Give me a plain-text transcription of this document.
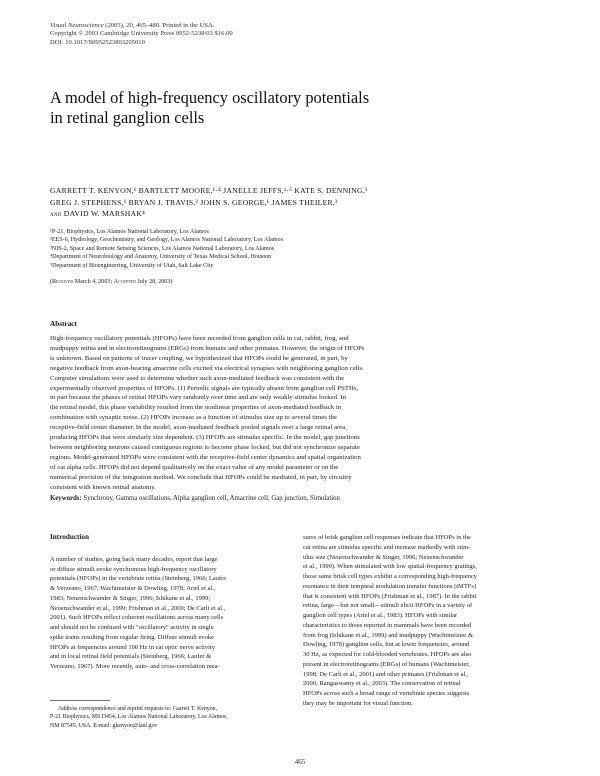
Visual Neuroscience (2003), 20, 465–480. Printed in the USA.
Copyright © 2003 Cambridge University Press 0952-5238/03 $16.00
DOI: 10.1017/S0952523803205010
A model of high-frequency oscillatory potentials
in retinal ganglion cells
GARRETT T. KENYON,¹ BARTLETT MOORE,¹·⁴ JANELLE JEFFS,¹·⁵ KATE S. DENNING,¹
GREG J. STEPHENS,¹ BRYAN J. TRAVIS,² JOHN S. GEORGE,¹ JAMES THEILER,³
and DAVID W. MARSHAK⁴
¹P-21, Biophysics, Los Alamos National Laboratory, Los Alamos
²EES-6, Hydrology, Geochemistry, and Geology, Los Alamos National Laboratory, Los Alamos
³NIS-2, Space and Remote Sensing Sciences, Los Alamos National Laboratory, Los Alamos
⁴Department of Neurobiology and Anatomy, University of Texas Medical School, Houston
⁵Department of Bioengineering, University of Utah, Salt Lake City
(Received March 4, 2003; Accepted July 28, 2003)
Abstract
High-frequency oscillatory potentials (HFOPs) have been recorded from ganglion cells in cat, rabbit, frog, and
mudpuppy retina and in electroretinograms (ERGs) from humans and other primates. However, the origin of HFOPs
is unknown. Based on patterns of tracer coupling, we hypothesized that HFOPs could be generated, in part, by
negative feedback from axon-bearing amacrine cells excited via electrical synapses with neighboring ganglion cells.
Computer simulations were used to determine whether such axon-mediated feedback was consistent with the
experimentally observed properties of HFOPs. (1) Periodic signals are typically absent from ganglion cell PSTHs,
in part because the phases of retinal HFOPs vary randomly over time and are only weakly stimulus locked. In
the retinal model, this phase variability resulted from the nonlinear properties of axon-mediated feedback in
combination with synaptic noise. (2) HFOPs increase as a function of stimulus size up to several times the
receptive-field center diameter. In the model, axon-mediated feedback pooled signals over a large retinal area,
producing HFOPs that were similarly size dependent. (3) HFOPs are stimulus specific. In the model, gap junctions
between neighboring neurons caused contiguous regions to become phase locked, but did not synchronize separate
regions. Model-generated HFOPs were consistent with the receptive-field center dynamics and spatial organization
of cat alpha cells. HFOPs did not depend qualitatively on the exact value of any model parameter or on the
numerical precision of the integration method. We conclude that HFOPs could be mediated, in part, by circuitry
consistent with known retinal anatomy.
Keywords: Synchrony, Gamma oscillations, Alpha ganglion cell, Amacrine cell, Gap junction, Simulation
Introduction

A number of studies, going back many decades, report that large
or diffuse stimuli evoke synchronous high-frequency oscillatory
potentials (HFOPs) in the vertebrate retina (Steinberg, 1966; Laufer
& Verzeano, 1967; Wachtmeister & Dowling, 1978; Ariel et al.,
1983; Neuenschwander & Singer, 1996; Ishikane et al., 1999;
Neuenschwander et al., 1999; Frishman et al., 2000; De Carli et al.,
2001). Such HFOPs reflect coherent oscillations across many cells
and should not be confused with "oscillatory" activity in single
spike trains resulting from regular firing. Diffuse stimuli evoke
HFOPs at frequencies around 100 Hz in cat optic nerve activity
and in local retinal field potentials (Steinberg, 1966; Laufer &
Verzeano, 1967). More recently, auto- and cross-correlation mea-

sures of brisk ganglion cell responses indicate that HFOPs in the
cat retina are stimulus specific and increase markedly with stim-
ulus size (Neuenschwander & Singer, 1996; Neuenschwander
et al., 1999). When stimulated with low spatial-frequency gratings,
those same brisk cell types exhibit a corresponding high-frequency
resonance in their temporal modulation transfer functions (tMTFs)
that is consistent with HFOPs (Frishman et al., 1987). In the rabbit
retina, large—but not small—stimuli elicit HFOPs in a variety of
ganglion cell types (Ariel et al., 1983). HFOPs with similar
characteristics to those reported in mammals have been recorded
from frog (Ishikane et al., 1999) and mudpuppy (Wachtmeister &
Dowling, 1978) ganglion cells, but at lower frequencies, around
30 Hz, as expected for cold-blooded vertebrates. HFOPs are also
present in electroretinograms (ERGs) of humans (Wachtmeister,
1998; De Carli et al., 2001) and other primates (Frishman et al.,
2000; Rangaswamy et al., 2003). The conservation of retinal
HFOPs across such a broad range of vertebrate species suggests
they may be important for visual function.

Address correspondence and reprint requests to: Garrett T. Kenyon,
P-21 Biophysics, MS D454, Los Alamos National Laboratory, Los Alamos,
NM 87545, USA. E-mail: gkenyon@lanl.gov

465
